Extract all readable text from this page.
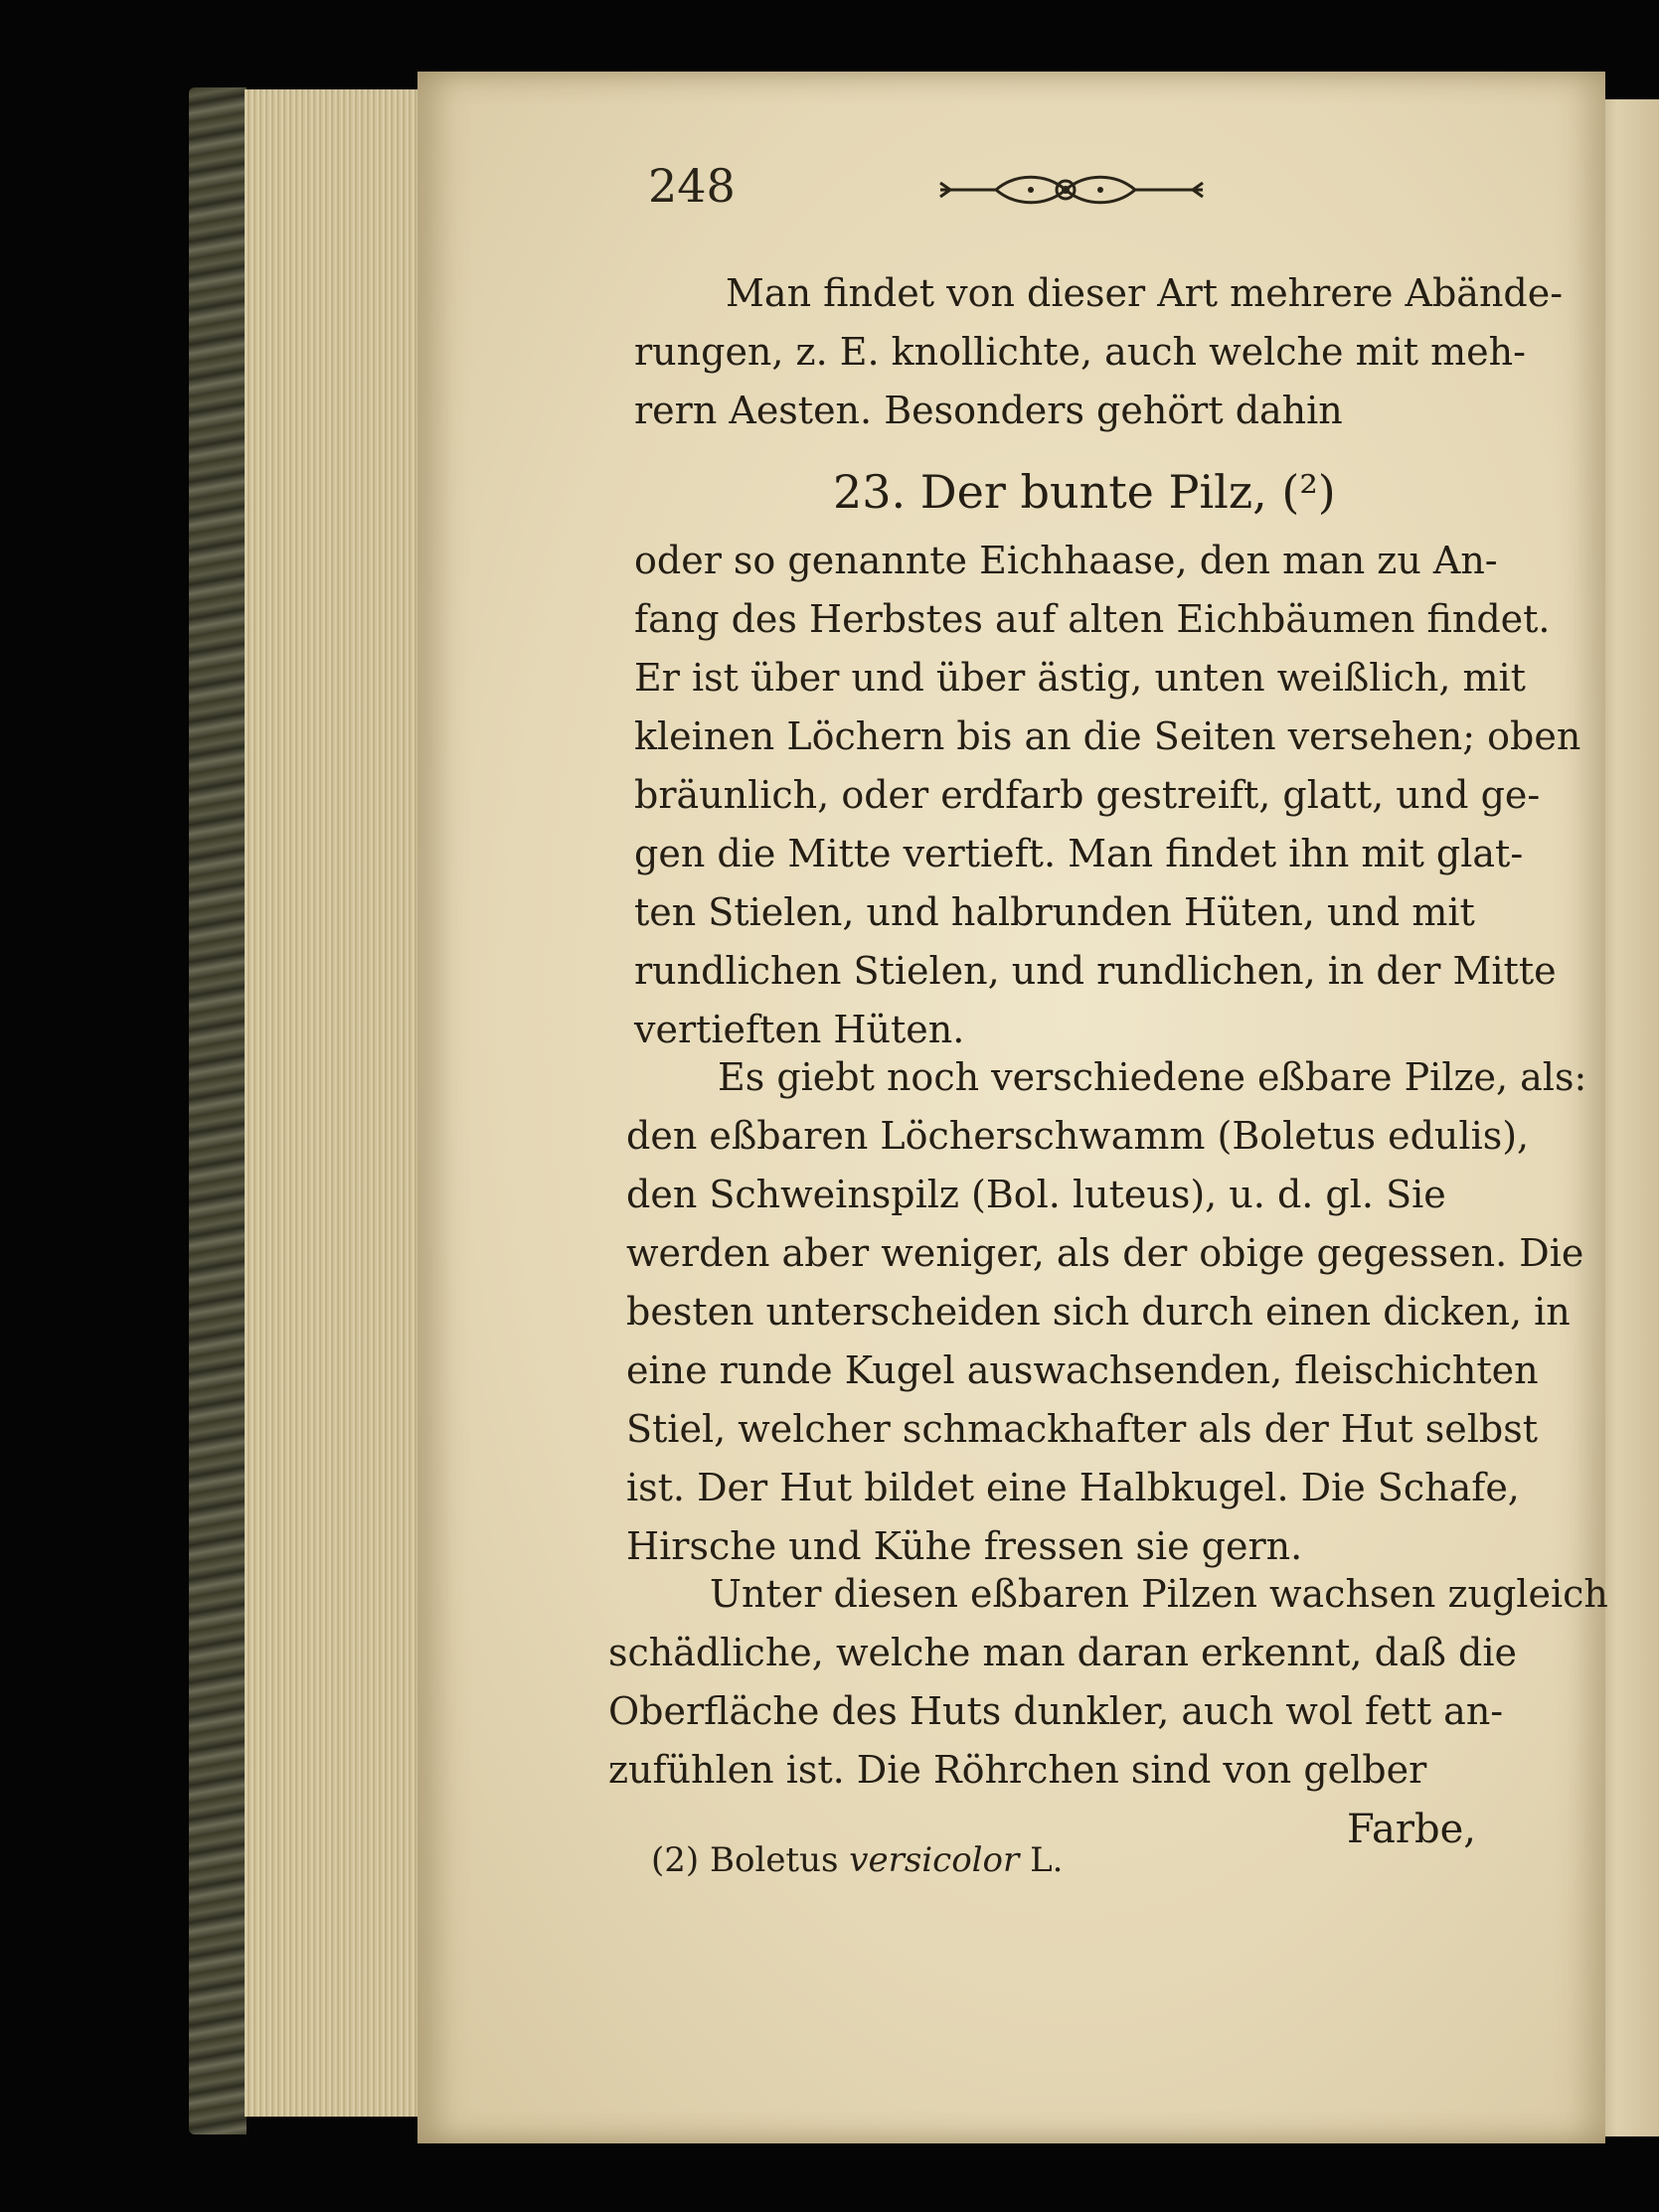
248
Man findet von dieser Art mehrere Abände-
rungen, z. E. knollichte, auch welche mit meh-
rern Aesten. Besonders gehört dahin
23. Der bunte Pilz, (²)
oder so genannte Eichhaase, den man zu An-
fang des Herbstes auf alten Eichbäumen findet.
Er ist über und über ästig, unten weißlich, mit
kleinen Löchern bis an die Seiten versehen; oben
bräunlich, oder erdfarb gestreift, glatt, und ge-
gen die Mitte vertieft. Man findet ihn mit glat-
ten Stielen, und halbrunden Hüten, und mit
rundlichen Stielen, und rundlichen, in der Mitte
vertieften Hüten.
Es giebt noch verschiedene eßbare Pilze, als:
den eßbaren Löcherschwamm (Boletus edulis),
den Schweinspilz (Bol. luteus), u. d. gl. Sie
werden aber weniger, als der obige gegessen. Die
besten unterscheiden sich durch einen dicken, in
eine runde Kugel auswachsenden, fleischichten
Stiel, welcher schmackhafter als der Hut selbst
ist. Der Hut bildet eine Halbkugel. Die Schafe,
Hirsche und Kühe fressen sie gern.
Unter diesen eßbaren Pilzen wachsen zugleich
schädliche, welche man daran erkennt, daß die
Oberfläche des Huts dunkler, auch wol fett an-
zufühlen ist. Die Röhrchen sind von gelber
Farbe,
(2) Boletus versicolor L.
